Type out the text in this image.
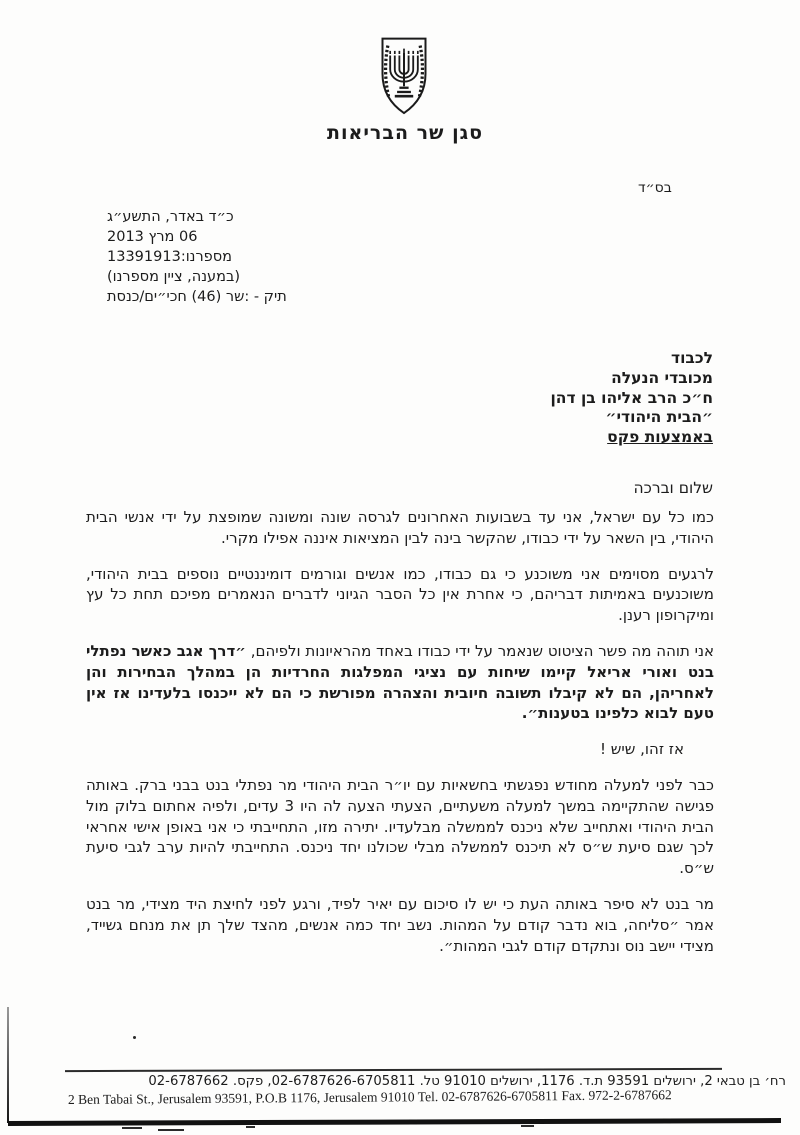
סגן שר הבריאות
בס״ד
כ״ד באדר, התשע״ג
06 מרץ 2013
מספרנו:13391913
(במענה, ציין מספרנו)
תיק - :שר (46) חכי״ים/כנסת
לכבוד
מכובדי הנעלה
ח״כ הרב אליהו בן דהן
״הבית היהודי״
באמצעות פקס
שלום וברכה

כמו כל עם ישראל, אני עד בשבועות האחרונים לגרסה שונה ומשונה שמופצת על ידי אנשי הבית היהודי, בין השאר על ידי כבודו, שהקשר בינה לבין המציאות איננה אפילו מקרי.

לרגעים מסוימים אני משוכנע כי גם כבודו, כמו אנשים וגורמים דומיננטיים נוספים בבית היהודי, משוכנעים באמיתות דבריהם, כי אחרת אין כל הסבר הגיוני לדברים הנאמרים מפיכם תחת כל עץ ומיקרופון רענן.

אני תוהה מה פשר הציטוט שנאמר על ידי כבודו באחד מהראיונות ולפיהם, ״דרך אגב כאשר נפתלי בנט ואורי אריאל קיימו שיחות עם נציגי המפלגות החרדיות הן במהלך הבחירות והן לאחריהן, הם לא קיבלו תשובה חיובית והצהרה מפורשת כי הם לא ייכנסו בלעדינו אז אין טעם לבוא כלפינו בטענות״.

אז זהו, שיש !

כבר לפני למעלה מחודש נפגשתי בחשאיות עם יו״ר הבית היהודי מר נפתלי בנט בבני ברק. באותה פגישה שהתקיימה במשך למעלה משעתיים, הצעתי הצעה לה היו 3 עדים, ולפיה אחתום בלוק מול הבית היהודי ואתחייב שלא ניכנס לממשלה מבלעדיו. יתירה מזו, התחייבתי כי אני באופן אישי אחראי לכך שגם סיעת ש״ס לא תיכנס לממשלה מבלי שכולנו יחד ניכנס. התחייבתי להיות ערב לגבי סיעת ש״ס.

מר בנט לא סיפר באותה העת כי יש לו סיכום עם יאיר לפיד, ורגע לפני לחיצת היד מצידי, מר בנט אמר ״סליחה, בוא נדבר קודם על המהות. נשב יחד כמה אנשים, מהצד שלך תן את מנחם גשייד, מצידי יישב נוס ונתקדם קודם לגבי המהות״.

רח׳ בן טבאי 2, ירושלים 93591 ת.ד. 1176, ירושלים 91010 טל. 02-6787626-6705811, פקס. 02-6787662
2 Ben Tabai St., Jerusalem 93591, P.O.B 1176, Jerusalem 91010 Tel. 02-6787626-6705811 Fax. 972-2-6787662
